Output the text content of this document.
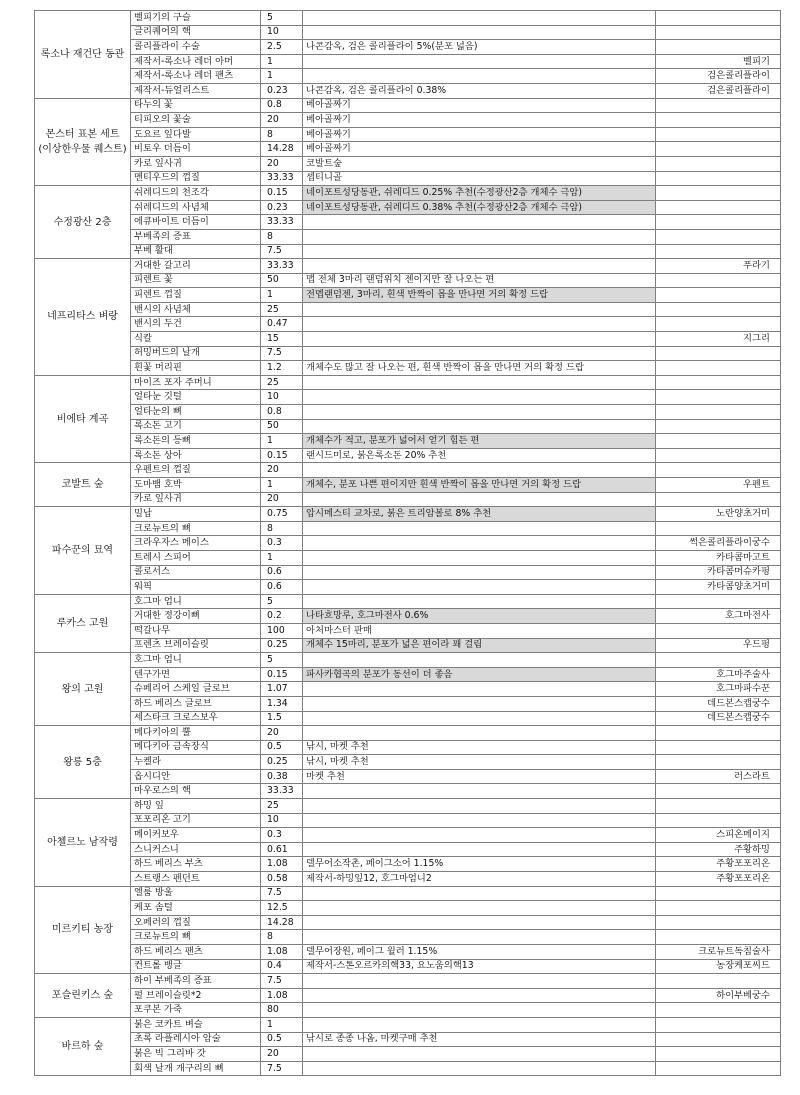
록소나 재건단 동관	벨피기의 구슬	5			
	글리퀘어의 핵	10			
	콜리플라이 수술	2.5	나콘감옥, 검은 콜리플라이 5%(분포 넓음)		
	제작서-록소나 레더 아머	1		벨피기	
	제작서-록소나 레더 팬츠	1		검은콜리플라이	
	제작서-듀얼리스트	0.23	나콘감옥, 검은 콜리플라이 0.38%	검은콜리플라이	
몬스터 표본 세트 (이상한우물 퀘스트)	타누의 꽃	0.8	베아골짜기		
	티피오의 꽃술	20	베아골짜기		
	도요르 잎다발	8	베아골짜기		
	비토우 더듬이	14.28	베아골짜기		
	카로 잎사귀	20	코발트숲		
	멘티우드의 껍질	33.33	셉티니골		
수정광산 2층	쉬레디드의 천조각	0.15	네이포트성당동관, 쉬레디드 0.25% 추천(수정광산2층 개체수 극암)		
	쉬레디드의 사념체	0.23	네이포트성당동관, 쉬레디드 0.38% 추천(수정광산2층 개체수 극암)		
	에큐바이트 더듬이	33.33			
	부베족의 증표	8			
	부베 활대	7.5			
네프리타스 벼랑	거대한 갈고리	33.33		푸라기	
	피렌트 꽃	50	맵 전체 3마리 랜덤위치 젠이지만 잘 나오는 편		
	피렌트 껍질	1	전멥랜덤젠, 3마리, 흰색 반짝이 몹을 만나면 거의 확정 드랍		
	밴시의 사념체	25			
	밴시의 두건	0.47			
	식칼	15		지그리	
	허밍버드의 날개	7.5			
	흰꽃 머리핀	1.2	개체수도 많고 잘 나오는 편, 흰색 반짝이 몹을 만나면 거의 확정 드랍		
비에타 계곡	마이즈 포자 주머니	25			
	얼타눈 깃털	10			
	얼타눈의 뼈	0.8			
	록소돈 고기	50			
	록소돈의 등뼈	1	개체수가 적고, 분포가 넓어서 얻기 힘든 편		
	록소돈 상아	0.15	랜시드미로, 붉은록소돈 20% 추천		
코발트 숲	우펜트의 껍질	20			
	도마뱀 호박	1	개체수, 분포 나쁜 편이지만 흰색 반짝이 몹을 만나면 거의 확정 드랍	우펜트	
	카로 잎사귀	20			
파수꾼의 묘역	밀납	0.75	압시메스티 교차로, 붉은 트리암볼로 8% 추천	노란양초거미	
	크로뉴트의 뼈	8			
	크라우자스 메이스	0.3		썩은콜리플라이궁수	
	트레시 스피어	1		카타콤마고트	
	콜로서스	0.6		카타콤머슈카펑	
	워픽	0.6		카타콤양초거미	
루카스 고원	호그마 엄니	5			
	거대한 정강이뼈	0.2	나타흐망루, 호그마전사 0.6%	호그마전사	
	떡갈나무	100	아처마스터 판매		
	프렌츠 브레이슬릿	0.25	개체수 15마리, 분포가 넓은 편이라 꽤 걸림	우드펑	
왕의 고원	호그마 엄니	5			
	텐구가면	0.15	파사카협곡의 분포가 동선이 더 좋음	호그마주술사	
	슈페리어 스케일 글로브	1.07		호그마파수꾼	
	하드 베리스 글로브	1.34		데드본스캡궁수	
	세스타크 크로스보우	1.5		데드본스캡궁수	
왕릉 5층	메다키아의 뿔	20			
	메다키아 금속장식	0.5	낚시, 마켓 추천		
	누켈라	0.25	낚시, 마켓 추천		
	옵시디안	0.38	마켓 추천	러스라트	
	마우로스의 핵	33.33			
아첼르노 남작령	하밍 잎	25			
	포포리온 고기	10			
	메이커보우	0.3		스피온메이지	
	스니커스니	0.61		주황하밍	
	하드 베리스 부츠	1.08	델무어소작촌, 페이그소어 1.15%	주황포포리온	
	스트랭스 펜던트	0.58	제작서-하밍잎12, 호그마엄니2	주황포포리온	
미르키티 농장	엘룸 방울	7.5			
	케포 솜털	12.5			
	오페러의 껍질	14.28			
	크로뉴트의 뼈	8			
	하드 베리스 팬츠	1.08	델무어장원, 페이그 윌러 1.15%	크로뉴트독침술사	
	컨트롤 뱅글	0.4	제작서-스톤오르카의핵33, 요노움의핵13	농장케포씨드	
포슬린키스 숲	하이 부베족의 증표	7.5			
	펄 브레이슬릿*2	1.08		하이부베궁수	
	포쿠본 가죽	80			
바르하 숲	붉은 코카트 벼슬	1			
	초록 라플레시아 암술	0.5	낚시로 종종 나옴, 마켓구매 추천		
	붉은 빅 그리바 갓	20			
	회색 날개 개구리의 뼈	7.5			
